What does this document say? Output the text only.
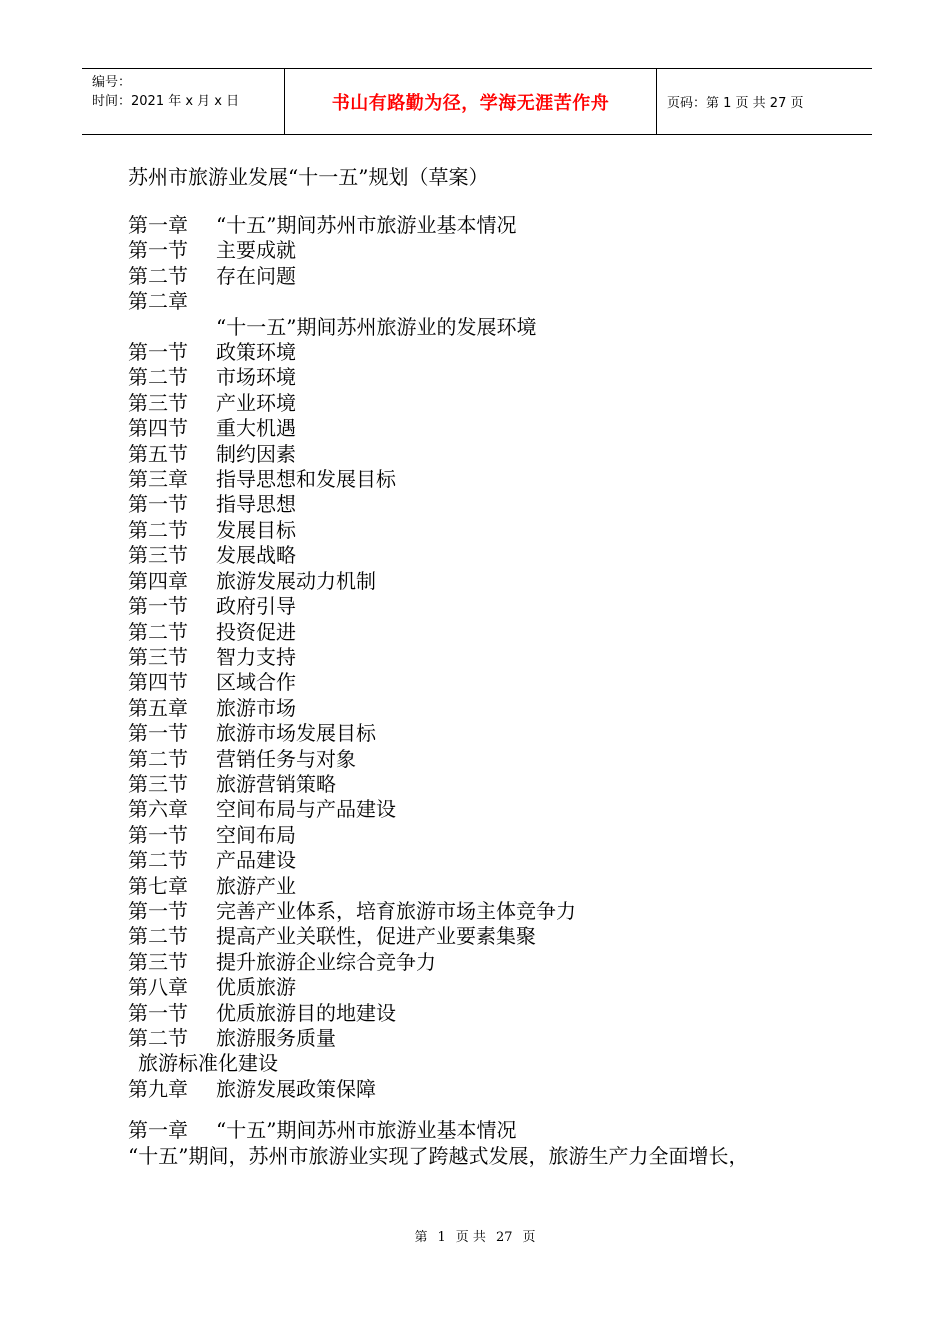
编号：
时间：2021 年 x 月 x 日	书山有路勤为径，学海无涯苦作舟	页码：第 1 页 共 27 页
苏州市旅游业发展“十一五”规划（草案）
第一章 “十五”期间苏州市旅游业基本情况
第一节 主要成就
第二节 存在问题
第二章
“十一五”期间苏州旅游业的发展环境
第一节 政策环境
第二节 市场环境
第三节 产业环境
第四节 重大机遇
第五节 制约因素
第三章 指导思想和发展目标
第一节 指导思想
第二节 发展目标
第三节 发展战略
第四章 旅游发展动力机制
第一节 政府引导
第二节 投资促进
第三节 智力支持
第四节 区域合作
第五章 旅游市场
第一节 旅游市场发展目标
第二节 营销任务与对象
第三节 旅游营销策略
第六章 空间布局与产品建设
第一节 空间布局
第二节 产品建设
第七章 旅游产业
第一节 完善产业体系，培育旅游市场主体竞争力
第二节 提高产业关联性，促进产业要素集聚
第三节 提升旅游企业综合竞争力
第八章 优质旅游
第一节 优质旅游目的地建设
第二节 旅游服务质量
旅游标准化建设
第九章 旅游发展政策保障
第一章 “十五”期间苏州市旅游业基本情况
“十五”期间，苏州市旅游业实现了跨越式发展，旅游生产力全面增长，
第 1 页 共 27 页
